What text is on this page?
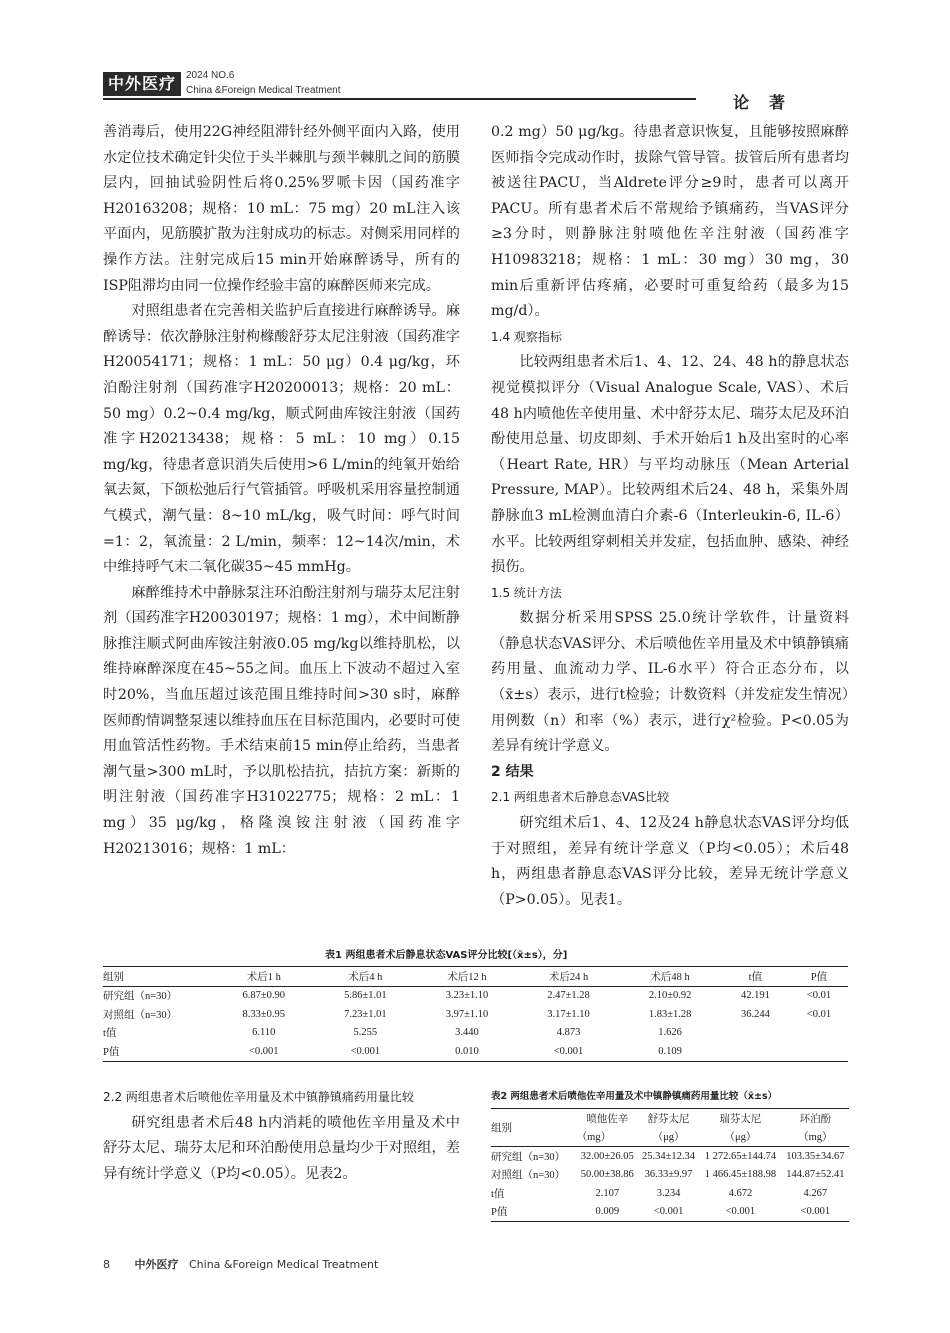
中外医疗	2024 NO.6
China &Foreign Medical Treatment
论著

善消毒后，使用22G神经阻滞针经外侧平面内入路，使用水定位技术确定针尖位于头半棘肌与颈半棘肌之间的筋膜层内，回抽试验阴性后将0.25%罗哌卡因（国药准字H20163208；规格：10 mL：75 mg）20 mL注入该平面内，见筋膜扩散为注射成功的标志。对侧采用同样的操作方法。注射完成后15 min开始麻醉诱导，所有的ISP阻滞均由同一位操作经验丰富的麻醉医师来完成。

对照组患者在完善相关监护后直接进行麻醉诱导。麻醉诱导：依次静脉注射枸橼酸舒芬太尼注射液（国药准字H20054171；规格：1 mL：50 μg）0.4 μg/kg，环泊酚注射剂（国药准字H20200013；规格：20 mL：50 mg）0.2~0.4 mg/kg，顺式阿曲库铵注射液（国药准字H20213438；规格：5 mL：10 mg）0.15 mg/kg，待患者意识消失后使用>6 L/min的纯氧开始给氧去氮，下颌松弛后行气管插管。呼吸机采用容量控制通气模式，潮气量：8~10 mL/kg，吸气时间：呼气时间=1：2，氧流量：2 L/min，频率：12~14次/min，术中维持呼气末二氧化碳35~45 mmHg。

麻醉维持术中静脉泵注环泊酚注射剂与瑞芬太尼注射剂（国药准字H20030197；规格：1 mg），术中间断静脉推注顺式阿曲库铵注射液0.05 mg/kg以维持肌松，以维持麻醉深度在45~55之间。血压上下波动不超过入室时20%，当血压超过该范围且维持时间>30 s时，麻醉医师酌情调整泵速以维持血压在目标范围内，必要时可使用血管活性药物。手术结束前15 min停止给药，当患者潮气量>300 mL时，予以肌松拮抗，拮抗方案：新斯的明注射液（国药准字H31022775；规格：2 mL：1 mg）35 μg/kg，格隆溴铵注射液（国药准字H20213016；规格：1 mL：

0.2 mg）50 μg/kg。待患者意识恢复，且能够按照麻醉医师指令完成动作时，拔除气管导管。拔管后所有患者均被送往PACU，当Aldrete评分≥9时，患者可以离开PACU。所有患者术后不常规给予镇痛药，当VAS评分≥3分时，则静脉注射喷他佐辛注射液（国药准字H10983218；规格：1 mL：30 mg）30 mg，30 min后重新评估疼痛，必要时可重复给药（最多为15 mg/d）。

1.4 观察指标

比较两组患者术后1、4、12、24、48 h的静息状态视觉模拟评分（Visual Analogue Scale, VAS）、术后48 h内喷他佐辛使用量、术中舒芬太尼、瑞芬太尼及环泊酚使用总量、切皮即刻、手术开始后1 h及出室时的心率（Heart Rate, HR）与平均动脉压（Mean Arterial Pressure, MAP）。比较两组术后24、48 h，采集外周静脉血3 mL检测血清白介素-6（Interleukin-6, IL-6）水平。比较两组穿刺相关并发症，包括血肿、感染、神经损伤。

1.5 统计方法

数据分析采用SPSS 25.0统计学软件，计量资料（静息状态VAS评分、术后喷他佐辛用量及术中镇静镇痛药用量、血流动力学、IL-6水平）符合正态分布，以（x̄±s）表示，进行t检验；计数资料（并发症发生情况）用例数（n）和率（%）表示，进行χ²检验。P<0.05为差异有统计学意义。

2 结果
2.1 两组患者术后静息态VAS比较

研究组术后1、4、12及24 h静息状态VAS评分均低于对照组，差异有统计学意义（P均<0.05）；术后48 h，两组患者静息态VAS评分比较，差异无统计学意义（P>0.05）。见表1。

表1 两组患者术后静息状态VAS评分比较[（x̄±s），分]
组别	术后1 h	术后4 h	术后12 h	术后24 h	术后48 h	t值	P值
研究组（n=30）	6.87±0.90	5.86±1.01	3.23±1.10	2.47±1.28	2.10±0.92	42.191	<0.01
对照组（n=30）	8.33±0.95	7.23±1.01	3.97±1.10	3.17±1.10	1.83±1.28	36.244	<0.01
t值	6.110	5.255	3.440	4.873	1.626		
P值	<0.001	<0.001	0.010	<0.001	0.109		
2.2 两组患者术后喷他佐辛用量及术中镇静镇痛药用量比较

研究组患者术后48 h内消耗的喷他佐辛用量及术中舒芬太尼、瑞芬太尼和环泊酚使用总量均少于对照组，差异有统计学意义（P均<0.05）。见表2。

表2 两组患者术后喷他佐辛用量及术中镇静镇痛药用量比较（x̄±s）
组别	喷他佐辛	舒芬太尼	瑞芬太尼	环泊酚
	（mg）	（μg）	（μg）	（mg）
研究组（n=30）	32.00±26.05	25.34±12.34	1 272.65±144.74	103.35±34.67
对照组（n=30）	50.00±38.86	36.33±9.97	1 466.45±188.98	144.87±52.41
t值	2.107	3.234	4.672	4.267
P值	0.009	<0.001	<0.001	<0.001
8 中外医疗 China &Foreign Medical Treatment
